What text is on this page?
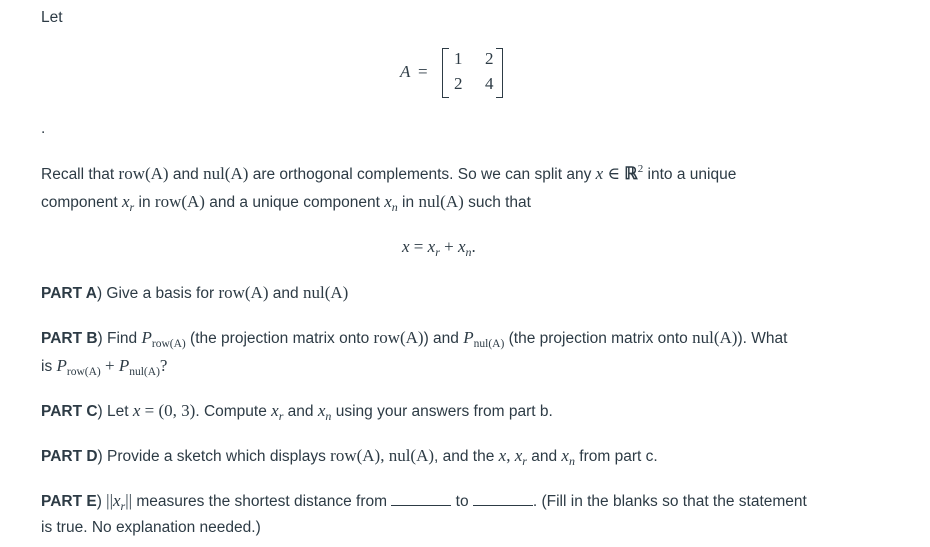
Let
A =
1 2
2 4
.
Recall that row(A) and nul(A) are orthogonal complements. So we can split any x ∈ ℝ$^2$ into a unique
component $x_r$ in row(A) and a unique component $x_n$ in nul(A) such that
$x = x_r + x_n$.
PART A) Give a basis for row(A) and nul(A)
PART B) Find $P_{row(A)}$ (the projection matrix onto row(A)) and $P_{nul(A)}$ (the projection matrix onto nul(A)). What
is $P_{row(A)} + P_{nul(A)}$?
PART C) Let x = (0, 3). Compute $x_r$ and $x_n$ using your answers from part b.
PART D) Provide a sketch which displays row(A), nul(A), and the x, $x_r$ and $x_n$ from part c.
PART E) $||x_r||$ measures the shortest distance from	to	. (Fill in the blanks so that the statement
is true. No explanation needed.)
